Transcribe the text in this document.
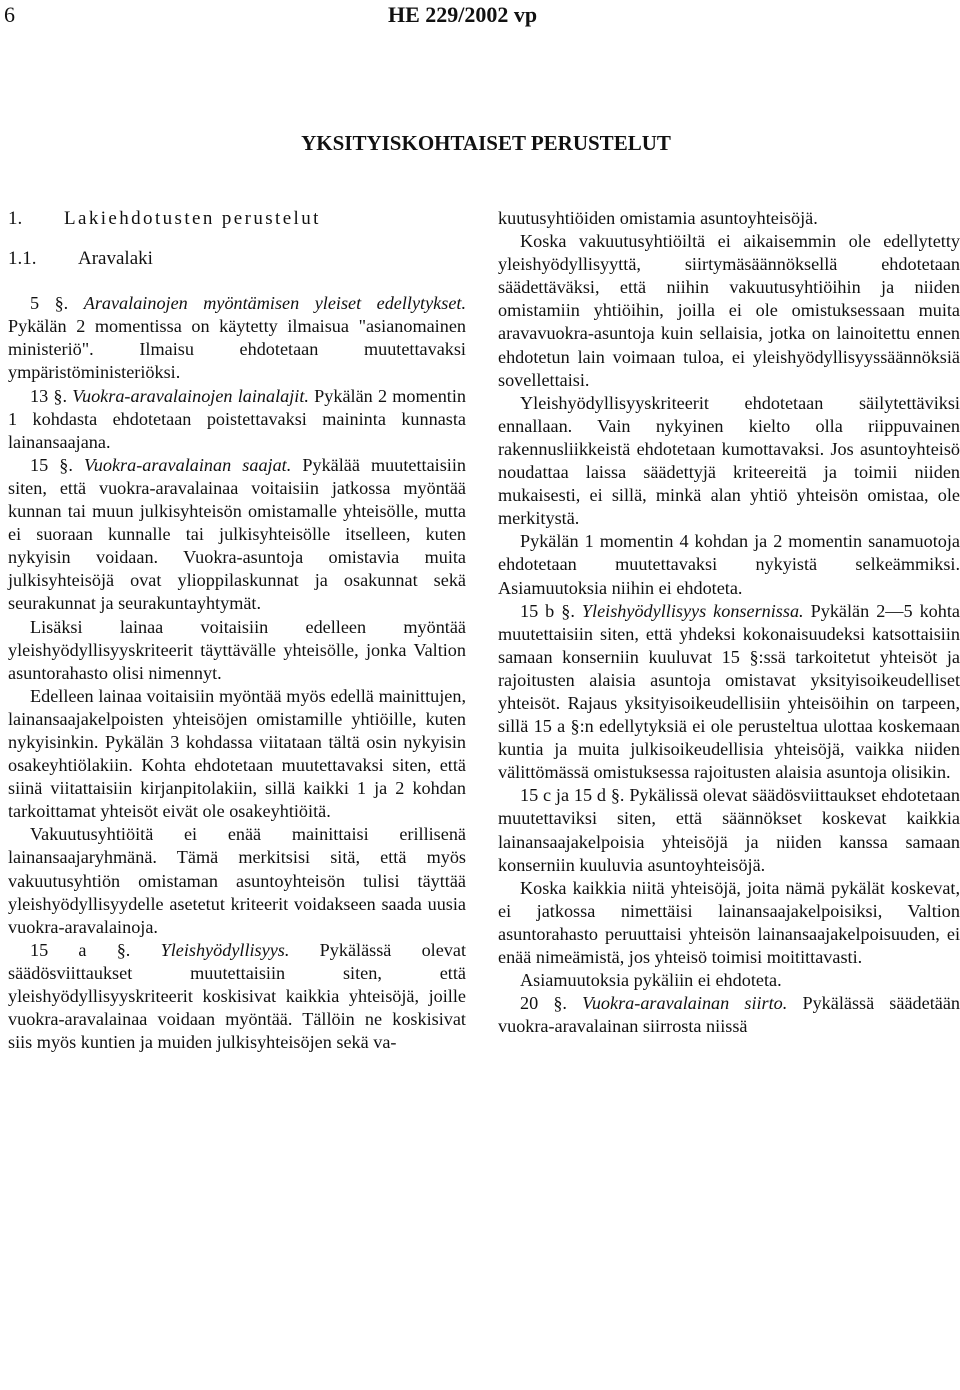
6	HE 229/2002 vp
YKSITYISKOHTAISET PERUSTELUT
1. Lakiehdotusten perustelut
1.1. Aravalaki

5 §. Aravalainojen myöntämisen yleiset edellytykset. Pykälän 2 momentissa on käytetty ilmaisua "asianomainen ministeriö". Ilmaisu ehdotetaan muutettavaksi ympäristöministeriöksi.

13 §. Vuokra-aravalainojen lainalajit. Pykälän 2 momentin 1 kohdasta ehdotetaan poistettavaksi maininta kunnasta lainansaajana.

15 §. Vuokra-aravalainan saajat. Pykälää muutettaisiin siten, että vuokra-aravalainaa voitaisiin jatkossa myöntää kunnan tai muun julkisyhteisön omistamalle yhteisölle, mutta ei suoraan kunnalle tai julkisyhteisölle itselleen, kuten nykyisin voidaan. Vuokra-asuntoja omistavia muita julkisyhteisöjä ovat ylioppilaskunnat ja osakunnat sekä seurakunnat ja seurakuntayhtymät.

Lisäksi lainaa voitaisiin edelleen myöntää yleishyödyllisyyskriteerit täyttävälle yhteisölle, jonka Valtion asuntorahasto olisi nimennyt.

Edelleen lainaa voitaisiin myöntää myös edellä mainittujen, lainansaajakelpoisten yhteisöjen omistamille yhtiöille, kuten nykyisinkin. Pykälän 3 kohdassa viitataan tältä osin nykyisin osakeyhtiölakiin. Kohta ehdotetaan muutettavaksi siten, että siinä viitattaisiin kirjanpitolakiin, sillä kaikki 1 ja 2 kohdan tarkoittamat yhteisöt eivät ole osakeyhtiöitä.

Vakuutusyhtiöitä ei enää mainittaisi erillisenä lainansaajaryhmänä. Tämä merkitsisi sitä, että myös vakuutusyhtiön omistaman asuntoyhteisön tulisi täyttää yleishyödyllisyydelle asetetut kriteerit voidakseen saada uusia vuokra-aravalainoja.

15 a §. Yleishyödyllisyys. Pykälässä olevat säädösviittaukset muutettaisiin siten, että yleishyödyllisyyskriteerit koskisivat kaikkia yhteisöjä, joille vuokra-aravalainaa voidaan myöntää. Tällöin ne koskisivat siis myös kuntien ja muiden julkisyhteisöjen sekä va-

kuutusyhtiöiden omistamia asuntoyhteisöjä.

Koska vakuutusyhtiöiltä ei aikaisemmin ole edellytetty yleishyödyllisyyttä, siirtymäsäännöksellä ehdotetaan säädettäväksi, että niihin vakuutusyhtiöihin ja niiden omistamiin yhtiöihin, joilla ei ole omistuksessaan muita aravavuokra-asuntoja kuin sellaisia, jotka on lainoitettu ennen ehdotetun lain voimaan tuloa, ei yleishyödyllisyyssäännöksiä sovellettaisi.

Yleishyödyllisyyskriteerit ehdotetaan säilytettäviksi ennallaan. Vain nykyinen kielto olla riippuvainen rakennusliikkeistä ehdotetaan kumottavaksi. Jos asuntoyhteisö noudattaa laissa säädettyjä kriteereitä ja toimii niiden mukaisesti, ei sillä, minkä alan yhtiö yhteisön omistaa, ole merkitystä.

Pykälän 1 momentin 4 kohdan ja 2 momentin sanamuotoja ehdotetaan muutettavaksi nykyistä selkeämmiksi. Asiamuutoksia niihin ei ehdoteta.

15 b §. Yleishyödyllisyys konsernissa. Pykälän 2—5 kohta muutettaisiin siten, että yhdeksi kokonaisuudeksi katsottaisiin samaan konserniin kuuluvat 15 §:ssä tarkoitetut yhteisöt ja rajoitusten alaisia asuntoja omistavat yksityisoikeudelliset yhteisöt. Rajaus yksityisoikeudellisiin yhteisöihin on tarpeen, sillä 15 a §:n edellytyksiä ei ole perusteltua ulottaa koskemaan kuntia ja muita julkisoikeudellisia yhteisöjä, vaikka niiden välittömässä omistuksessa rajoitusten alaisia asuntoja olisikin.

15 c ja 15 d §. Pykälissä olevat säädösviittaukset ehdotetaan muutettaviksi siten, että säännökset koskevat kaikkia lainansaajakelpoisia yhteisöjä ja niiden kanssa samaan konserniin kuuluvia asuntoyhteisöjä.

Koska kaikkia niitä yhteisöjä, joita nämä pykälät koskevat, ei jatkossa nimettäisi lainansaajakelpoisiksi, Valtion asuntorahasto peruuttaisi yhteisön lainansaajakelpoisuuden, ei enää nimeämistä, jos yhteisö toimisi moitittavasti.

Asiamuutoksia pykäliin ei ehdoteta.

20 §. Vuokra-aravalainan siirto. Pykälässä säädetään vuokra-aravalainan siirrosta niissä
